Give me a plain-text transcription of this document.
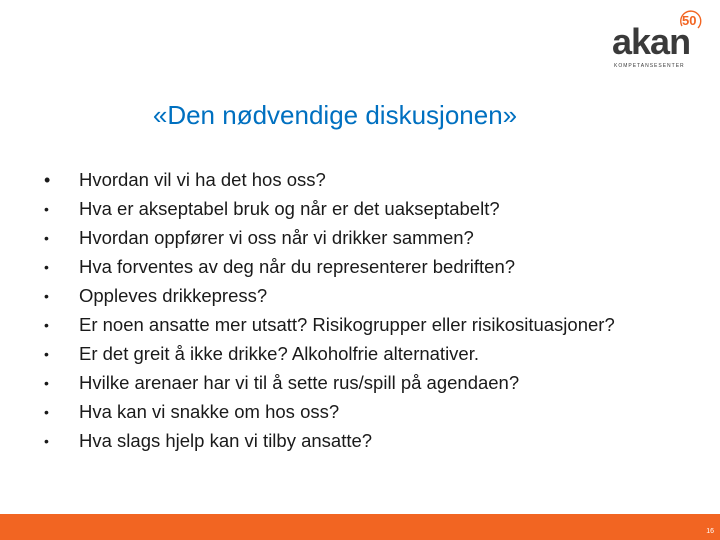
50
akan
KOMPETANSESENTER
«Den nødvendige diskusjonen»
• Hvordan vil vi ha det hos oss?
• Hva er akseptabel bruk og når er det uakseptabelt?
• Hvordan oppfører vi oss når vi drikker sammen?
• Hva forventes av deg når du representerer bedriften?
• Oppleves drikkepress?
• Er noen ansatte mer utsatt? Risikogrupper eller risikosituasjoner?
• Er det greit å ikke drikke? Alkoholfrie alternativer.
• Hvilke arenaer har vi til å sette rus/spill på agendaen?
• Hva kan vi snakke om hos oss?
• Hva slags hjelp kan vi tilby ansatte?
16
